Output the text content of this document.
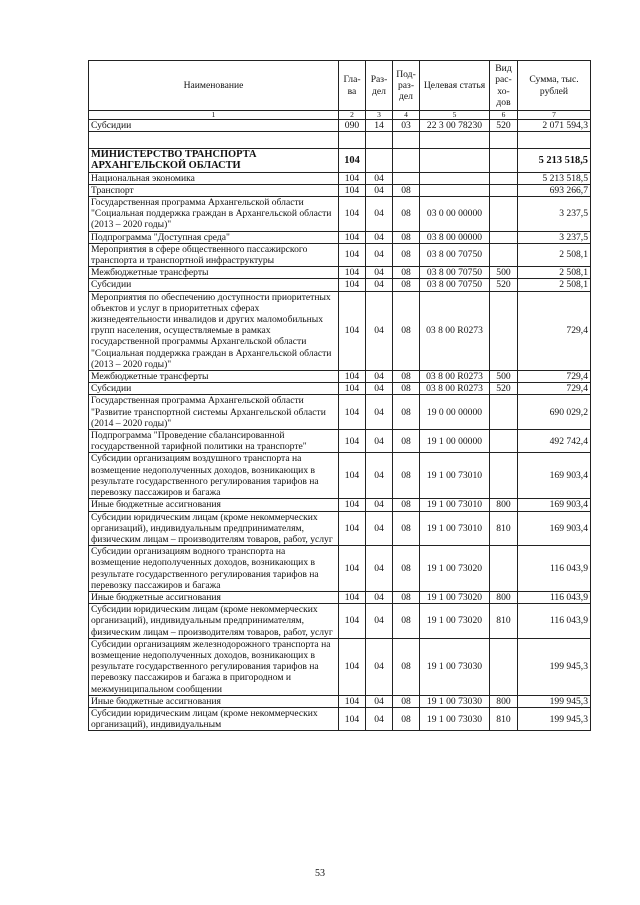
Наименование	Гла-ва	Раз-дел	Под-раз-дел	Целевая статья	Вид рас-хо-дов	Сумма, тыс. рублей
1	2	3	4	5	6	7
Субсидии	090	14	03	22 3 00 78230	520	2 071 594,3

МИНИСТЕРСТВО ТРАНСПОРТА АРХАНГЕЛЬСКОЙ ОБЛАСТИ	104					5 213 518,5
Национальная экономика	104	04				5 213 518,5
Транспорт	104	04	08			693 266,7
Государственная программа Архангельской области "Социальная поддержка граждан в Архангельской области (2013 – 2020 годы)"	104	04	08	03 0 00 00000		3 237,5
Подпрограмма "Доступная среда"	104	04	08	03 8 00 00000		3 237,5
Мероприятия в сфере общественного пассажирского транспорта и транспортной инфраструктуры	104	04	08	03 8 00 70750		2 508,1
Межбюджетные трансферты	104	04	08	03 8 00 70750	500	2 508,1
Субсидии	104	04	08	03 8 00 70750	520	2 508,1
Мероприятия по обеспечению доступности приоритетных объектов и услуг в приоритетных сферах жизнедеятельности инвалидов и других маломобильных групп населения, осуществляемые в рамках государственной программы Архангельской области "Социальная поддержка граждан в Архангельской области (2013 – 2020 годы)"	104	04	08	03 8 00 R0273		729,4
Межбюджетные трансферты	104	04	08	03 8 00 R0273	500	729,4
Субсидии	104	04	08	03 8 00 R0273	520	729,4
Государственная программа Архангельской области "Развитие транспортной системы Архангельской области (2014 – 2020 годы)"	104	04	08	19 0 00 00000		690 029,2
Подпрограмма "Проведение сбалансированной государственной тарифной политики на транспорте"	104	04	08	19 1 00 00000		492 742,4
Субсидии организациям воздушного транспорта на возмещение недополученных доходов, возникающих в результате государственного регулирования тарифов на перевозку пассажиров и багажа	104	04	08	19 1 00 73010		169 903,4
Иные бюджетные ассигнования	104	04	08	19 1 00 73010	800	169 903,4
Субсидии юридическим лицам (кроме некоммерческих организаций), индивидуальным предпринимателям, физическим лицам – производителям товаров, работ, услуг	104	04	08	19 1 00 73010	810	169 903,4
Субсидии организациям водного транспорта на возмещение недополученных доходов, возникающих в результате государственного регулирования тарифов на перевозку пассажиров и багажа	104	04	08	19 1 00 73020		116 043,9
Иные бюджетные ассигнования	104	04	08	19 1 00 73020	800	116 043,9
Субсидии юридическим лицам (кроме некоммерческих организаций), индивидуальным предпринимателям, физическим лицам – производителям товаров, работ, услуг	104	04	08	19 1 00 73020	810	116 043,9
Субсидии организациям железнодорожного транспорта на возмещение недополученных доходов, возникающих в результате государственного регулирования тарифов на перевозку пассажиров и багажа в пригородном и межмуниципальном сообщении	104	04	08	19 1 00 73030		199 945,3
Иные бюджетные ассигнования	104	04	08	19 1 00 73030	800	199 945,3
Субсидии юридическим лицам (кроме некоммерческих организаций), индивидуальным	104	04	08	19 1 00 73030	810	199 945,3
53
